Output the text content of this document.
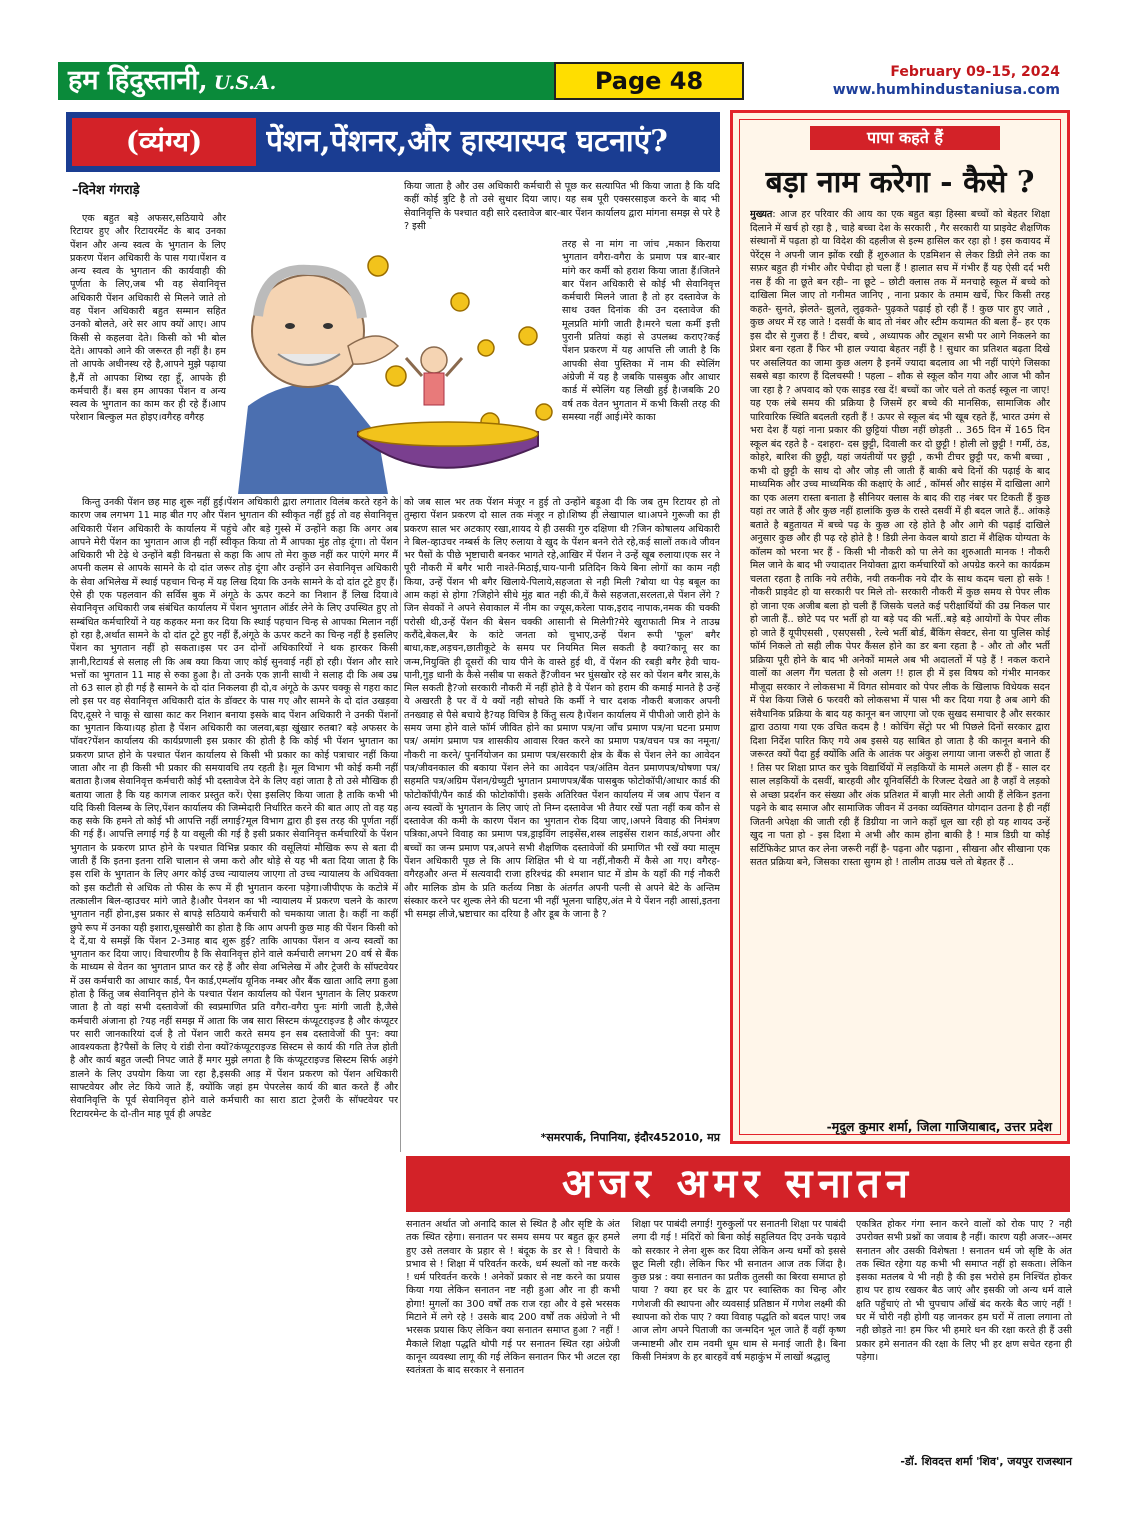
हम हिंदुस्तानी, U.S.A.	Page 48	February 09-15, 2024
www.humhindustaniusa.com
(व्यंग्य)	पेंशन,पेंशनर,और हास्यास्पद घटनाएं?
–दिनेश गंगराड़े

एक बहुत बड़े अफसर,सठियाये और रिटायर हुए और रिटायरमेंट के बाद उनका पेंशन और अन्य स्वत्व के भुगतान के लिए प्रकरण पेंशन अधिकारी के पास गया।पेंशन व अन्य स्वत्व के भुगतान की कार्यवाही की पूर्णता के लिए,जब भी वह सेवानिवृत्त अधिकारी पेंशन अधिकारी से मिलने जाते तो वह पेंशन अधिकारी बहुत सम्मान सहित उनको बोलते, अरे सर आप क्यों आए। आप किसी से कहलवा देते। किसी को भी बोल देते। आपको आने की जरूरत ही नहीं है। हम तो आपके अधीनस्थ रहे है,आपने मुझे पढ़ाया है,मैं तो आपका शिष्य रहा हूँ, आपके ही कर्मचारी हैं। बस हम आपका पेंशन व अन्य स्वत्व के भुगतान का काम कर ही रहे हैं।आप परेशान बिल्कुल मत होइए।वगैरह वगैरह

किया जाता है और उस अधिकारी कर्मचारी से पूछ कर सत्यापित भी किया जाता है कि यदि कहीं कोई त्रुटि है तो उसे सुधार दिया जाए। यह सब पूरी एक्सरसाइज करने के बाद भी सेवानिवृत्ति के पश्चात वही सारे दस्तावेज बार-बार पेंशन कार्यालय द्वारा मांगना समझ से परे है ? इसी

तरह से ना मांग ना जांच ,मकान किराया भुगतान वगैरा-वगैरा के प्रमाण पत्र बार-बार मांगे कर कर्मी को हराश किया जाता हैं।जितने बार पेंशन अधिकारी से कोई भी सेवानिवृत्त कर्मचारी मिलने जाता है तो हर दस्तावेज के साथ उक्त दिनांक की उन दस्तावेज की मूलप्रति मांगी जाती है।मरने चला कर्मी इत्ती पुरानी प्रतियां कहां से उपलब्ध कराए?कई पेंशन प्रकरण में यह आपत्ति ली जाती है कि आपकी सेवा पुस्तिका में नाम की स्पेलिंग अंग्रेजी में यह है जबकि पासबुक और आधार कार्ड में स्पेलिंग यह लिखी हुई है।जबकि 20 वर्ष तक वेतन भुगतान में कभी किसी तरह की समस्या नहीं आई।मेरे काका

किन्तु उनकी पेंशन छह माह शुरू नहीं हुई।पेंशन अधिकारी द्वारा लगातार विलंब करते रहने के कारण जब लगभग 11 माह बीत गए और पेंशन भुगतान की स्वीकृत नहीं हुई तो वह सेवानिवृत्त अधिकारी पेंशन अधिकारी के कार्यालय में पहुंचे और बड़े गुस्से में उन्होंने कहा कि अगर अब आपने मेरी पेंशन का भुगतान आज ही नहीं स्वीकृत किया तो मैं आपका मुंह तोड़ दूंगा। तो पेंशन अधिकारी भी टेढ़े थे उन्होंने बड़ी विनम्रता से कहा कि आप तो मेरा कुछ नहीं कर पाएंगे मगर मैं अपनी कलम से आपके सामने के दो दांत जरूर तोड़ दूंगा और उन्होंने उन सेवानिवृत्त अधिकारी के सेवा अभिलेख में स्थाई पहचान चिन्ह में यह लिख दिया कि उनके सामने के दो दांत टूटे हुए हैं।ऐसे ही एक पहलवान की सर्विस बुक में अंगूठे के ऊपर कटने का निशान हैं लिख दिया।वे सेवानिवृत्त अधिकारी जब संबंधित कार्यालय में पेंशन भुगतान ऑर्डर लेने के लिए उपस्थित हुए तो सम्बंधित कर्मचारियों ने यह कहकर मना कर दिया कि स्थाई पहचान चिन्ह से आपका मिलान नहीं हो रहा है,अर्थात सामने के दो दांत टूटे हुए नहीं हैं,अंगूठे के ऊपर कटने का चिन्ह नहीं है इसलिए पेंशन का भुगतान नहीं हो सकता।इस पर उन दोनों अधिकारियों ने थक हारकर किसी ज्ञानी,रिटायर्ड से सलाह ली कि अब क्या किया जाए कोई सुनवाई नहीं हो रही। पेंशन और सारे भत्तों का भुगतान 11 माह से रुका हुआ है। तो उनके एक ज्ञानी साथी ने सलाह दी कि अब उम्र तो 63 साल हो ही गई है सामने के दो दांत निकलवा ही दो,व अंगूठे के ऊपर चक्कू से गहरा काट लो इस पर वह सेवानिवृत्त अधिकारी दांत के डॉक्टर के पास गए और सामने के दो दांत उखड़वा दिए,दूसरे ने चाकू से खासा काट कर निशान बनाया इसके बाद पेंशन अधिकारी ने उनकी पेंशनों का भुगतान किया।यह होता है पेंशन अधिकारी का जलवा,बड़ा खुंखार रुतबा? बड़े अफसर के पॉवर?पेंशन कार्यालय की कार्यप्रणाली इस प्रकार की होती है कि कोई भी पेंशन भुगतान का प्रकरण प्राप्त होने के पश्चात पेंशन कार्यालय से किसी भी प्रकार का कोई पत्राचार नहीं किया जाता और ना ही किसी भी प्रकार की समयावधि तय रहती है। मूल विभाग भी कोई कमी नहीं बताता है।जब सेवानिवृत्त कर्मचारी कोई भी दस्तावेज देने के लिए वहां जाता है तो उसे मौखिक ही बताया जाता है कि यह कागज लाकर प्रस्तुत करें। ऐसा इसलिए किया जाता है ताकि कभी भी यदि किसी विलम्ब के लिए,पेंशन कार्यालय की जिम्मेदारी निर्धारित करने की बात आए तो वह यह कह सके कि हमने तो कोई भी आपत्ति नहीं लगाई?मूल विभाग द्वारा ही इस तरह की पूर्णता नहीं की गई हैं। आपत्ति लगाई गई है या वसूली की गई है इसी प्रकार सेवानिवृत्त कर्मचारियों के पेंशन भुगतान के प्रकरण प्राप्त होने के पश्चात विभिन्न प्रकार की वसूलियां मौखिक रूप से बता दी जाती हैं कि इतना इतना राशि चालान से जमा करो और थोड़े से यह भी बता दिया जाता है कि इस राशि के भुगतान के लिए अगर कोई उच्च न्यायालय जाएगा तो उच्च न्यायालय के अधिवक्ता को इस कटौती से अधिक तो फीस के रूप में ही भुगतान करना पड़ेगा।जीपीएफ के कटोत्रे में तत्कालीन बिल-व्हाउचर मांगे जाते है।और पेनशन का भी न्यायालय में प्रकरण चलने के कारण भुगतान नहीं होना,इस प्रकार से बापड़े सठियाये कर्मचारी को चमकाया जाता है। कहीं ना कहीं छुपे रूप में उनका यही इशारा,घूसखोरी का होता है कि आप अपनी कुछ माह की पेंशन किसी को दे दें,या ये समझें कि पेंशन 2-3माह बाद शुरू हुई? ताकि आपका पेंशन व अन्य स्वत्वों का भुगतान कर दिया जाए। विचारणीय है कि सेवानिवृत्त होने वाले कर्मचारी लगभग 20 वर्ष से बैंक के माध्यम से वेतन का भुगतान प्राप्त कर रहे हैं और सेवा अभिलेख में और ट्रेजरी के सॉफ्टवेयर में उस कर्मचारी का आधार कार्ड, पैन कार्ड,एम्प्लॉय यूनिक नम्बर और बैंक खाता आदि लगा हुआ होता है किंतु जब सेवानिवृत्त होने के पश्चात पेंशन कार्यालय को पेंशन भुगतान के लिए प्रकरण जाता है तो वहां सभी दस्तावेजों की स्वप्रमाणित प्रति वगैरा-वगैरा पुनः मांगी जाती है,जैसे कर्मचारी अंजाना हो ?यह नहीं समझ में आता कि जब सारा सिस्टम कंप्यूटराइज्ड है और कंप्यूटर पर सारी जानकारियां दर्ज है तो पेंशन जारी करते समय इन सब दस्तावेजों की पुन: क्या आवश्यकता है?पैसों के लिए ये रांडी रोना क्यों?कंप्यूटराइज्ड सिस्टम से कार्य की गति तेज होती है और कार्य बहुत जल्दी निपट जाते हैं मगर मुझे लगता है कि कंप्यूटराइज्ड सिस्टम सिर्फ अड़ंगे डालने के लिए उपयोग किया जा रहा है,इसकी आड़ में पेंशन प्रकरण को पेंशन अधिकारी साफ्टवेयर और लेट किये जाते हैं, क्योंकि जहां हम पेपरलेस कार्य की बात करते हैं और सेवानिवृत्ति के पूर्व सेवानिवृत्त होने वाले कर्मचारी का सारा डाटा ट्रेजरी के सॉफ्टवेयर पर रिटायरमेन्ट के दो-तीन माह पूर्व ही अपडेट

को जब साल भर तक पेंशन मंजूर न हुई तो उन्होंने बड़ूआ दी कि जब तुम रिटायर हो तो तुम्हारा पेंशन प्रकरण दो साल तक मंजूर न हो।शिष्य ही लेखापाल था।अपने गुरूजी का ही प्रकरण साल भर अटकाए रखा,शायद ये ही उसकी गुरु दक्षिणा थी ?जिन कोषालय अधिकारी ने बिल-व्हाउचर नम्बर्स के लिए रुलाया वे खुद के पेंशन बनने रोते रहे,कई सालों तक।वे जीवन भर पैसों के पीछे भृष्टाचारी बनकर भागते रहे,आखिर में पेंशन ने उन्हें खूब रुलाया।एक सर ने पूरी नौकरी में बगैर भारी नाश्ते-मिठाई,चाय-पानी प्रतिदिन किये बिना लोगों का काम नही किया, उन्हें पेंशन भी बगैर खिलाये-पिलाये,सहजता से नही मिली ?बोया था पेड़ बबूल का आम कहां से होगा ?जिहोने सीधे मुंह बात नही की,वें कैसे सहजता,सरलता,से पेंशन लेंगे ?जिन सेवकों ने अपने सेवाकाल में नीम का ज्यूस,करेला पाक,इराद नापाक,नमक की चक्की परोसी थी,उन्हें पेंशन की बेसन चक्की आसानी से मिलेगी?मेरे खुराफाती मित्र ने ताउम्र करौंदे,बेकल,बैर के कांटे जनता को चुभाए,उन्हें पेंशन रूपी 'फूल' बगैर बाधा,कष्ट,अड़चन,छातीकूटे के समय पर नियमित मिल सकती है क्या?कानू सर का जन्म,नियुक्ति ही दूसरों की चाय पीने के वास्ते हुई थी, वें पेंशन की रबड़ी बगैर हेवी चाय-पानी,गुड़ धानी के कैसे नसीब पा सकते हैं?जीवन भर घुंसखोर रहे सर को पेंशन बगैर त्रास,के मिल सकती है?जो सरकारी नौकरी में नहीं होते है वे पेंशन को हराम की कमाई मानते है उन्हें ये अखरती है पर वें ये क्यों नही सोचते कि कर्मी ने चार दशक नौकरी बजाकर अपनी तनख्वाह से पैसे बचाये है?यह विचित्र है किंतु सत्य है।पेंशन कार्यालय में पीपीओ जारी होने के समय जमा होने वाले फॉर्म जीवित होने का प्रमाण पत्र/ना जाँच प्रमाण पत्र/ना घटना प्रमाण पत्र/ अमांग प्रमाण पत्र शासकीय आवास रिक्त करने का प्रमाण पत्र/वचन पत्र का नमूना/ नौकरी ना करने/ पुनर्नियोजन का प्रमाण पत्र/सरकारी क्षेत्र के बैंक से पेंशन लेने का आवेदन पत्र/जीवनकाल की बकाया पेंशन लेने का आवेदन पत्र/अंतिम वेतन प्रमाणपत्र/घोषणा पत्र/सहमति पत्र/अग्रिम पेंशन/ग्रेच्युटी भुगतान प्रमाणपत्र/बैंक पासबुक फोटोकॉपी/आधार कार्ड की फोटोकॉपी/पैन कार्ड की फोटोकॉपी। इसके अतिरिक्त पेंशन कार्यालय में जब आप पेंशन व अन्य स्वत्वों के भुगतान के लिए जाएं तो निम्न दस्तावेज भी तैयार रखें पता नहीं कब कौन से दस्तावेज की कमी के कारण पेंशन का भुगतान रोक दिया जाए,।अपने विवाह की निमंत्रण पत्रिका,अपने विवाह का प्रमाण पत्र,ड्राइविंग लाइसेंस,शस्त्र लाइसेंस राशन कार्ड,अपना और बच्चों का जन्म प्रमाण पत्र,अपने सभी शैक्षणिक दस्तावेजों की प्रमाणित भी रखें क्या मालूम पेंशन अधिकारी पूछ ले कि आप शिक्षित भी थे या नहीं,नौकरी में कैसे आ गए। वगैरह-वगैरहऔर अन्त में सत्यवादी राजा हरिश्चंद्र की श्मशान घाट में डोम के यहाँ की गई नौकरी और मालिक डोम के प्रति कर्तव्य निष्ठा के अंतर्गत अपनी पत्नी से अपने बेटे के अन्तिम संस्कार करने पर शुल्क लेने की घटना भी नहीं भूलना चाहिए,अंत मे ये पेंशन नही आसां,इतना भी समझ लीजे,भ्रष्टाचार का दरिया है और डूब के जाना है ?

*समरपार्क, निपानिया, इंदौर452010, मप्र
पापा कहते हैं
बड़ा नाम करेगा - कैसे ?
मुख्यत: आज हर परिवार की आय का एक बहुत बड़ा हिस्सा बच्चों को बेहतर शिक्षा दिलाने में खर्च हो रहा है , चाहे बच्चा देश के सरकारी , गैर सरकारी या प्राइवेट शैक्षणिक संस्थानों में पढ़ता हो या विदेश की दहलीज से इल्म हासिल कर रहा हो ! इस कवायद में पेरेंट्स ने अपनी जान झोंक रखी हैं शुरुआत के एडमिशन से लेकर डिग्री लेने तक का सफ़र बहुत ही गंभीर और पेचीदा हो चला हैं ! हालात सच में गंभीर हैं यह ऐसी दर्द भरी नस हैं की ना छूते बन रही– ना छूटे – छोटी क्लास तक में मनचाहे स्कूल में बच्चे को दाखिला मिल जाए तो गनीमत जानिए , नाना प्रकार के तमाम खर्चे, फिर किसी तरह कहते- सुनते, झेलते- झुलते, लुढ़कते- पुढ़कते पढ़ाई हो रही हैं ! कुछ पार हुए जाते , कुछ अधर में रह जाते ! दसवीं के बाद तो नंबर और स्टीम कयामत की बला हैं– हर एक इस दौर से गुजरा हैं ! टीचर, बच्चे , अध्यापक और ट्यूशन सभी पर आगे निकलने का प्रेशर बना रहता हैं फिर भी हाल ज्यादा बेहतर नहीं है ! सुधार का प्रतिशत बढ़ता दिखे पर असलियत का जामा कुछ अलग है इनमें ज्यादा बदलाव आ भी नहीं पाएंगे जिसका सबसे बड़ा कारण हैं दिलचस्पी ! पहला – शौक से स्कूल कौन गया और आज भी कौन जा रहा है ? अपवाद को एक साइड रख दें! बच्चों का जोर चले तो कतई स्कूल ना जाए! यह एक लंबे समय की प्रक्रिया है जिसमें हर बच्चे की मानसिक, सामाजिक और पारिवारिक स्थिति बदलती रहती हैं ! ऊपर से स्कूल बंद भी खूब रहते हैं, भारत उमंग से भरा देश हैं यहां नाना प्रकार की छुट्टियां पीछा नहीं छोड़ती .. 365 दिन में 165 दिन स्कूल बंद रहते है - दशहरा- दस छुट्टी, दिवाली कर दो छुट्टी ! होली लो छुट्टी ! गर्मी, ठंड, कोहरे, बारिश की छुट्टी, यहां जयंतीयों पर छुट्टी , कभी टीचर छुट्टी पर, कभी बच्चा , कभी दो छुट्टी के साथ दो और जोड़ ली जाती हैं बाकी बचे दिनों की पढ़ाई के बाद माध्यमिक और उच्च माध्यमिक की कक्षाएं के आर्ट , कॉमर्स और साइंस में दाखिला आगे का एक अलग रास्ता बनाता है सीनियर क्लास के बाद की राह नंबर पर टिकती हैं कुछ यहां तर जाते हैं और कुछ नहीं हालांकि कुछ के रास्ते दसवीं में ही बदल जाते हैं.. आंकड़े बताते है बहुतायत में बच्चे पढ़ के कुछ आ रहे होते है और आगे की पढ़ाई दाखिले अनुसार कुछ और ही पढ़ रहे होते है ! डिग्री लेना केवल बायो डाटा में शैक्षिक योग्यता के कॉलम को भरना भर हैं - किसी भी नौकरी को पा लेने का शुरुआती मानक ! नौकरी मिल जाने के बाद भी ज्यादातर नियोक्ता द्वारा कर्मचारियों को अपग्रेड करने का कार्यक्रम चलता रहता है ताकि नये तरीके, नयी तकनीक नये दौर के साथ कदम चला हो सके ! नौकरी प्राइवेट हो या सरकारी पर मिले तो- सरकारी नौकरी में कुछ समय से पेपर लीक हो जाना एक अजीब बला हो चली हैं जिसके चलते कई परीक्षार्थियों की उम्र निकल पार हो जाती हैं.. छोटे पद पर भर्ती हो या बड़े पद की भर्ती..बड़े बड़े आयोगों के पेपर लीक हो जाते हैं यूपीएससी , एसएससी , रेल्वे भर्ती बोर्ड, बैंकिंग सेक्टर, सेना या पुलिस कोई फॉर्म निकले तो सही लीक पेपर कैंसल होने का डर बना रहता है - और तो और भर्ती प्रक्रिया पूरी होने के बाद भी अनेकों मामले अब भी अदालतों में पड़े हैं ! नकल कराने वालों का अलग गैंग चलता है सो अलग !! हाल ही में इस विषय को गंभीर मानकर मौजूदा सरकार ने लोकसभा में विगत सोमवार को पेपर लीक के खिलाफ विधेयक सदन में पेश किया जिसे 6 फरवरी को लोकसभा में पास भी कर दिया गया है अब आगे की संवैधानिक प्रक्रिया के बाद यह कानून बन जाएगा जो एक सुखद समाचार है और सरकार द्वारा उठाया गया एक उचित कदम है ! कोचिंग सेंट्रो पर भी पिछले दिनों सरकार द्वारा दिशा निर्देश पारित किए गये अब इससे यह साबित हो जाता है की कानून बनाने की जरूरत क्यों पैदा हुई क्योंकि अति के आतंक पर अंकुश लगाया जाना जरूरी हो जाता हैं ! तिस पर शिक्षा प्राप्त कर चुके विद्यार्थियों में लड़कियों के मामले अलग ही हैं - साल दर साल लड़कियों के दसवीं, बारहवी और यूनिवर्सिटी के रिजल्ट देखते आ है जहाँ वे लड़को से अच्छा प्रदर्शन कर संख्या और अंक प्रतिशत में बाज़ी मार लेती आयी हैं लेकिन इतना पढ़ने के बाद समाज और सामाजिक जीवन में उनका व्यक्तिगत योगदान उतना है ही नहीं जितनी अपेक्षा की जाती रही हैं डिग्रीया ना जाने कहाँ धूल खा रही हो यह शायद उन्हें खुद ना पता हो - इस दिशा मे अभी और काम होना बाकी है ! मात्र डिग्री या कोई सर्टिफिकेट प्राप्त कर लेना जरूरी नहीं है- पढ़ना और पढ़ाना , सीखना और सीखाना एक सतत प्रक्रिया बने, जिसका रास्ता सुगम हो ! तालीम ताउम्र चले तो बेहतर हैं ..
-मृदुल कुमार शर्मा, जिला गाजियाबाद, उत्तर प्रदेश
अजर अमर सनातन
सनातन अर्थात जो अनादि काल से स्थित है और सृष्टि के अंत तक स्थित रहेगा। सनातन पर समय समय पर बहुत क्रूर हमले हुए उसे तलवार के प्रहार से ! बंदूक के डर से ! विचारो के प्रभाव से ! शिक्षा में परिवर्तन करके, धर्म स्थलों को नष्ट करके ! धर्म परिवर्तन करके ! अनेकों प्रकार से नष्ट करने का प्रयास किया गया लेकिन सनातन नष्ट नही हुआ और ना ही कभी होगा! मुगलों का 300 वर्षों तक राज रहा और वे इसे भरसक मिटाने में लगे रहे ! उसके बाद 200 वर्षों तक अंग्रेजो ने भी भरसक प्रयास किए लेकिन क्या सनातन समाप्त हुआ ? नहीं ! मैकाले शिक्षा पद्धति थोपी गई पर सनातन स्थित रहा अंग्रेजी कानून व्यवस्था लागू की गई लेकिन सनातन फिर भी अटल रहा स्वतंत्रता के बाद सरकार ने सनातन
शिक्षा पर पाबंदी लगाई! गुरुकुलों पर सनातनी शिक्षा पर पाबंदी लगा दी गई ! मंदिरों को बिना कोई सहूलियत दिए उनके चढ़ावे को सरकार ने लेना शुरू कर दिया लेकिन अन्य धर्मों को इससे छूट मिली रही। लेकिन फिर भी सनातन आज तक जिंदा है। कुछ प्रश्न : क्या सनातन का प्रतीक तुलसी का बिरवा समाप्त हो पाया ? क्या हर घर के द्वार पर स्वास्तिक का चिन्ह और गणेशजी की स्थापना और व्यवसाई प्रतिष्ठान में गणेश लक्ष्मी की स्थापना को रोक पाए ? क्या विवाह पद्धति को बदल पाए! जब आज लोग अपने पिताजी का जन्मदिन भूल जाते हैं वहीं कृष्ण जन्माष्टमी और राम नवमी धूम धाम से मनाई जाती है। बिना किसी निमंत्रण के हर बारहवें वर्ष महाकुंभ में लाखों श्रद्धालु
एकत्रित होकर गंगा स्नान करने वालों को रोक पाए ? नही उपरोक्त सभी प्रश्नों का जवाब है नहीं। कारण यही अजर--अमर सनातन और उसकी विशेषता ! सनातन धर्म जो सृष्टि के अंत तक स्थित रहेगा यह कभी भी समाप्त नहीं हो सकता। लेकिन इसका मतलब ये भी नही है की इस भरोसे हम निश्चिंत होकर हाथ पर हाथ रखकर बैठ जाएं और इसकी जो अन्य धर्म वाले क्षति पहुँचाएं तो भी चुपचाप आँखें बंद करके बैठ जाएं नहीं ! घर में चोरी नही होगी यह जानकर हम घरों में ताला लगाना तो नही छोड़ते ना! हम फिर भी हमारे धन की रक्षा करते ही हैं उसी प्रकार हमे सनातन की रक्षा के लिए भी हर क्षण सचेत रहना ही पड़ेगा।
-डॉ. शिवदत्त शर्मा 'शिव', जयपुर राजस्थान
